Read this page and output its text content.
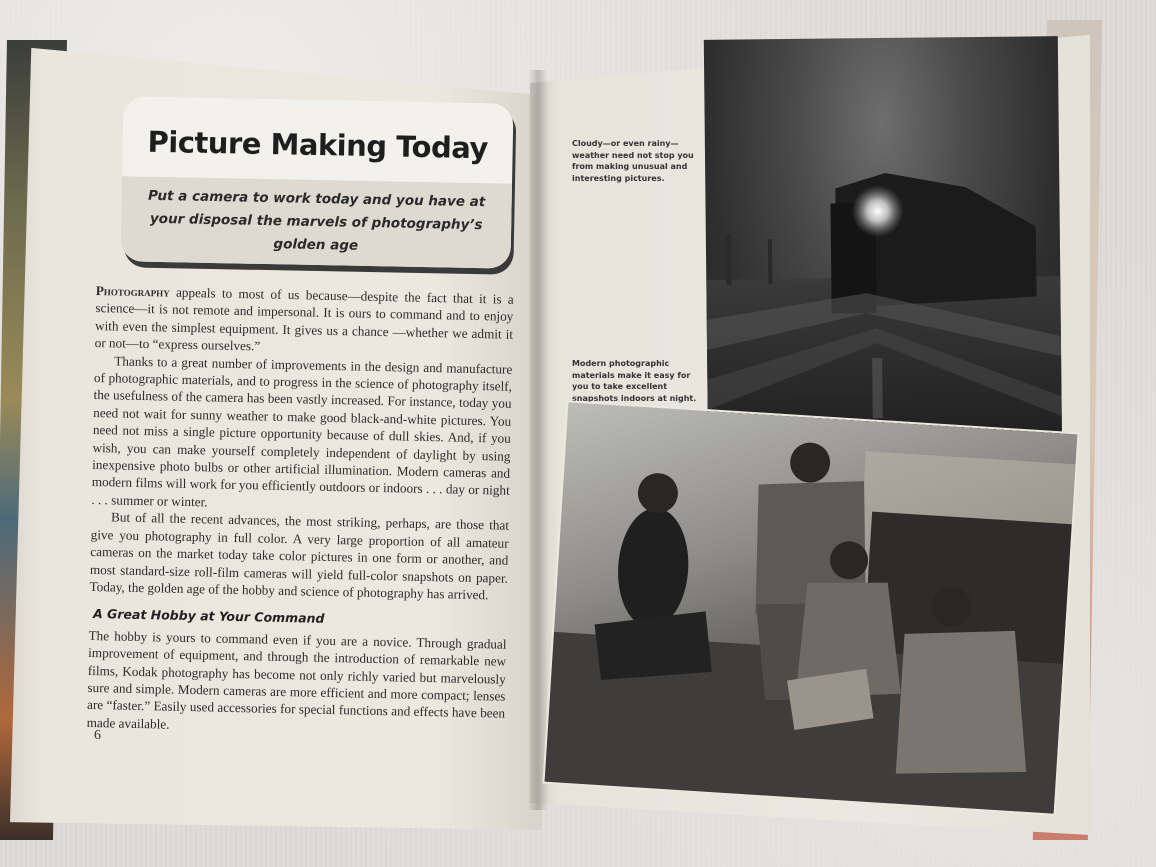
Picture Making Today
Put a camera to work today and you have at your disposal the marvels of photography’s golden age

Photography appeals to most of us because—despite the fact that it is a science—it is not remote and impersonal. It is ours to command and to enjoy with even the simplest equipment. It gives us a chance —whether we admit it or not—to “express ourselves.”

Thanks to a great number of improvements in the design and manufacture of photographic materials, and to progress in the science of photography itself, the usefulness of the camera has been vastly increased. For instance, today you need not wait for sunny weather to make good black-and-white pictures. You need not miss a single picture opportunity because of dull skies. And, if you wish, you can make yourself completely independent of daylight by using inexpensive photo bulbs or other artificial illumination. Modern cameras and modern films will work for you efficiently outdoors or indoors . . . day or night . . . summer or winter.

But of all the recent advances, the most striking, perhaps, are those that give you photography in full color. A very large proportion of all amateur cameras on the market today take color pictures in one form or another, and most standard-size roll-film cameras will yield full-color snapshots on paper. Today, the golden age of the hobby and science of photography has arrived.

A Great Hobby at Your Command

The hobby is yours to command even if you are a novice. Through gradual improvement of equipment, and through the introduction of remarkable new films, Kodak photography has become not only richly varied but marvelously sure and simple. Modern cameras are more efficient and more compact; lenses are “faster.” Easily used accessories for special functions and effects have been made available.

6
Cloudy—or even rainy—weather need not stop you from making unusual and interesting pictures.
Modern photographic materials make it easy for you to take excellent snapshots indoors at night.
